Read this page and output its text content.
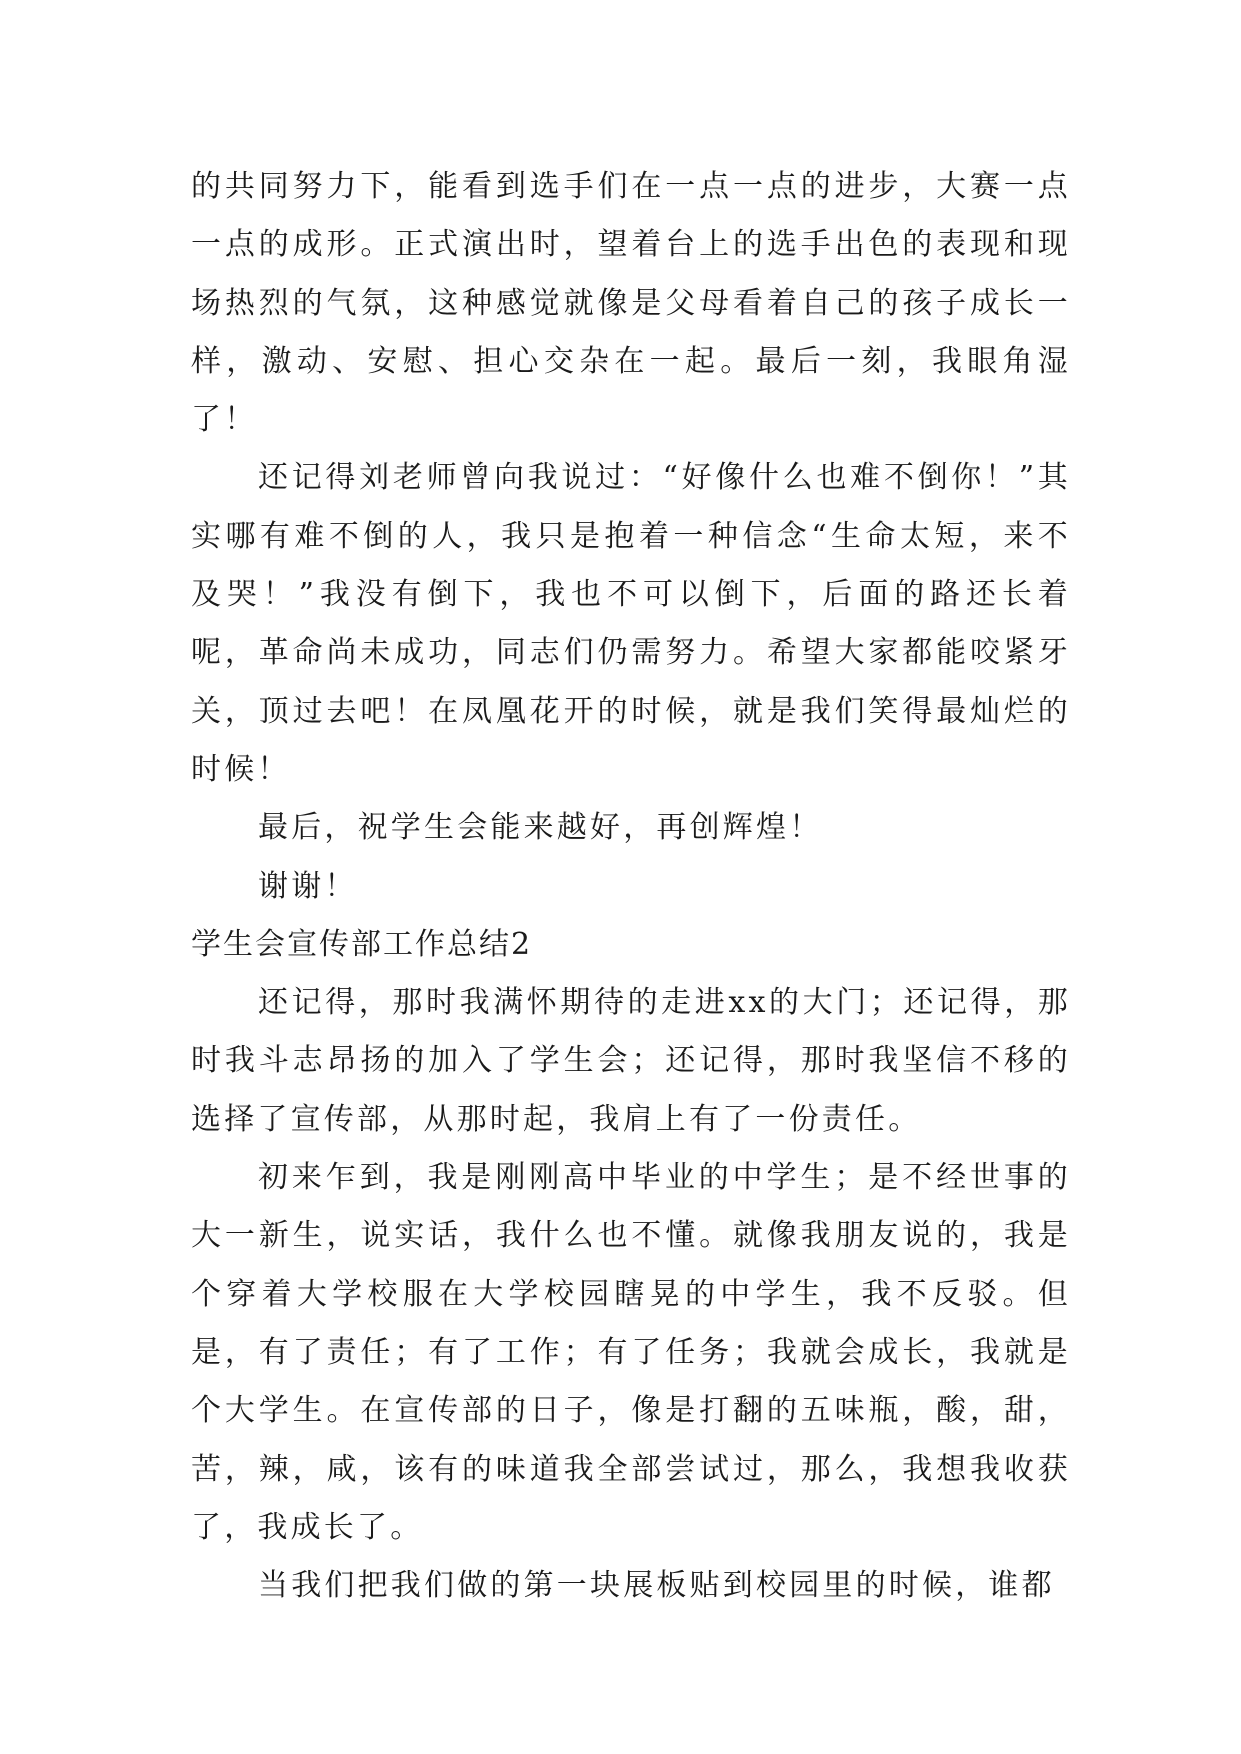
的共同努力下，能看到选手们在一点一点的进步，大赛一点一点的成形。正式演出时，望着台上的选手出色的表现和现场热烈的气氛，这种感觉就像是父母看着自己的孩子成长一样，激动、安慰、担心交杂在一起。最后一刻，我眼角湿了！

还记得刘老师曾向我说过：“好像什么也难不倒你！”其实哪有难不倒的人，我只是抱着一种信念“生命太短，来不及哭！”我没有倒下，我也不可以倒下，后面的路还长着呢，革命尚未成功，同志们仍需努力。希望大家都能咬紧牙关，顶过去吧！在凤凰花开的时候，就是我们笑得最灿烂的时候！

最后，祝学生会能来越好，再创辉煌！

谢谢！

学生会宣传部工作总结2

还记得，那时我满怀期待的走进xx的大门；还记得，那时我斗志昂扬的加入了学生会；还记得，那时我坚信不移的选择了宣传部，从那时起，我肩上有了一份责任。

初来乍到，我是刚刚高中毕业的中学生；是不经世事的大一新生，说实话，我什么也不懂。就像我朋友说的，我是个穿着大学校服在大学校园瞎晃的中学生，我不反驳。但是，有了责任；有了工作；有了任务；我就会成长，我就是个大学生。在宣传部的日子，像是打翻的五味瓶，酸，甜，苦，辣，咸，该有的味道我全部尝试过，那么，我想我收获了，我成长了。

当我们把我们做的第一块展板贴到校园里的时候，谁都
